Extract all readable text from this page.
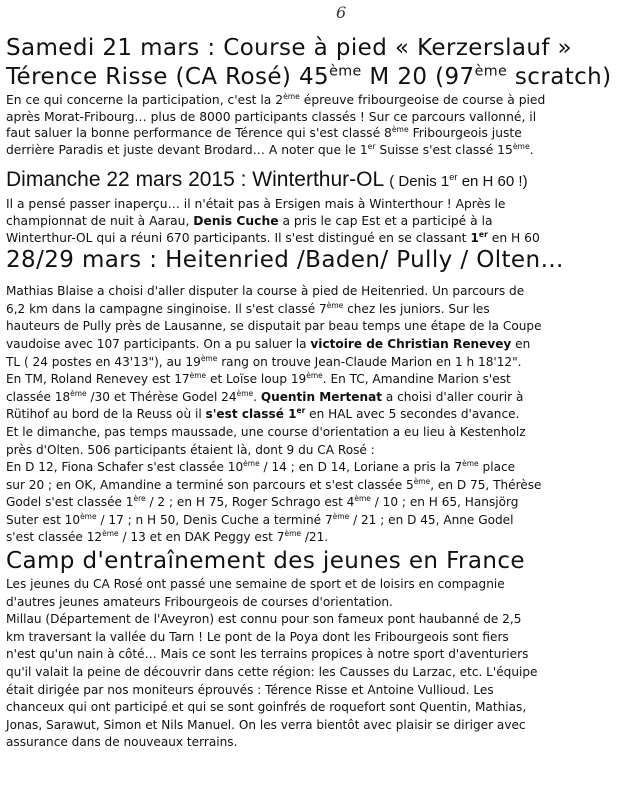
6
Samedi 21 mars : Course à pied « Kerzerslauf »
Térence Risse (CA Rosé) 45ème M 20 (97ème scratch)
En ce qui concerne la participation, c'est la 2ème épreuve fribourgeoise de course à pied
après Morat-Fribourg… plus de 8000 participants classés ! Sur ce parcours vallonné, il
faut saluer la bonne performance de Térence qui s'est classé 8ème Fribourgeois juste
derrière Paradis et juste devant Brodard… A noter que le 1er Suisse s'est classé 15ème.
Dimanche 22 mars 2015 : Winterthur-OL ( Denis 1er en H 60 !)
Il a pensé passer inaperçu… il n'était pas à Ersigen mais à Winterthour ! Après le
championnat de nuit à Aarau, Denis Cuche a pris le cap Est et a participé à la
Winterthur-OL qui a réuni 670 participants. Il s'est distingué en se classant 1er en H 60
28/29 mars : Heitenried /Baden/ Pully / Olten…
Mathias Blaise a choisi d'aller disputer la course à pied de Heitenried. Un parcours de
6,2 km dans la campagne singinoise. Il s'est classé 7ème chez les juniors. Sur les
hauteurs de Pully près de Lausanne, se disputait par beau temps une étape de la Coupe
vaudoise avec 107 participants. On a pu saluer la victoire de Christian Renevey en
TL ( 24 postes en 43'13"), au 19ème rang on trouve Jean-Claude Marion en 1 h 18'12".
En TM, Roland Renevey est 17ème et Loïse loup 19ème. En TC, Amandine Marion s'est
classée 18ème /30 et Thérèse Godel 24ème. Quentin Mertenat a choisi d'aller courir à
Rütihof au bord de la Reuss où il s'est classé 1er en HAL avec 5 secondes d'avance.
Et le dimanche, pas temps maussade, une course d'orientation a eu lieu à Kestenholz
près d'Olten. 506 participants étaient là, dont 9 du CA Rosé :
En D 12, Fiona Schafer s'est classée 10ème / 14 ; en D 14, Loriane a pris la 7ème place
sur 20 ; en OK, Amandine a terminé son parcours et s'est classée 5ème, en D 75, Thérèse
Godel s'est classée 1ère / 2 ; en H 75, Roger Schrago est 4ème / 10 ; en H 65, Hansjörg
Suter est 10ème / 17 ; n H 50, Denis Cuche a terminé 7ème / 21 ; en D 45, Anne Godel
s'est classée 12ème / 13 et en DAK Peggy est 7ème /21.
Camp d'entraînement des jeunes en France
Les jeunes du CA Rosé ont passé une semaine de sport et de loisirs en compagnie
d'autres jeunes amateurs Fribourgeois de courses d'orientation.
Millau (Département de l'Aveyron) est connu pour son fameux pont haubanné de 2,5
km traversant la vallée du Tarn ! Le pont de la Poya dont les Fribourgeois sont fiers
n'est qu'un nain à côté… Mais ce sont les terrains propices à notre sport d'aventuriers
qu'il valait la peine de découvrir dans cette région: les Causses du Larzac, etc. L'équipe
était dirigée par nos moniteurs éprouvés : Térence Risse et Antoine Vullioud. Les
chanceux qui ont participé et qui se sont goinfrés de roquefort sont Quentin, Mathias,
Jonas, Sarawut, Simon et Nils Manuel. On les verra bientôt avec plaisir se diriger avec
assurance dans de nouveaux terrains.
